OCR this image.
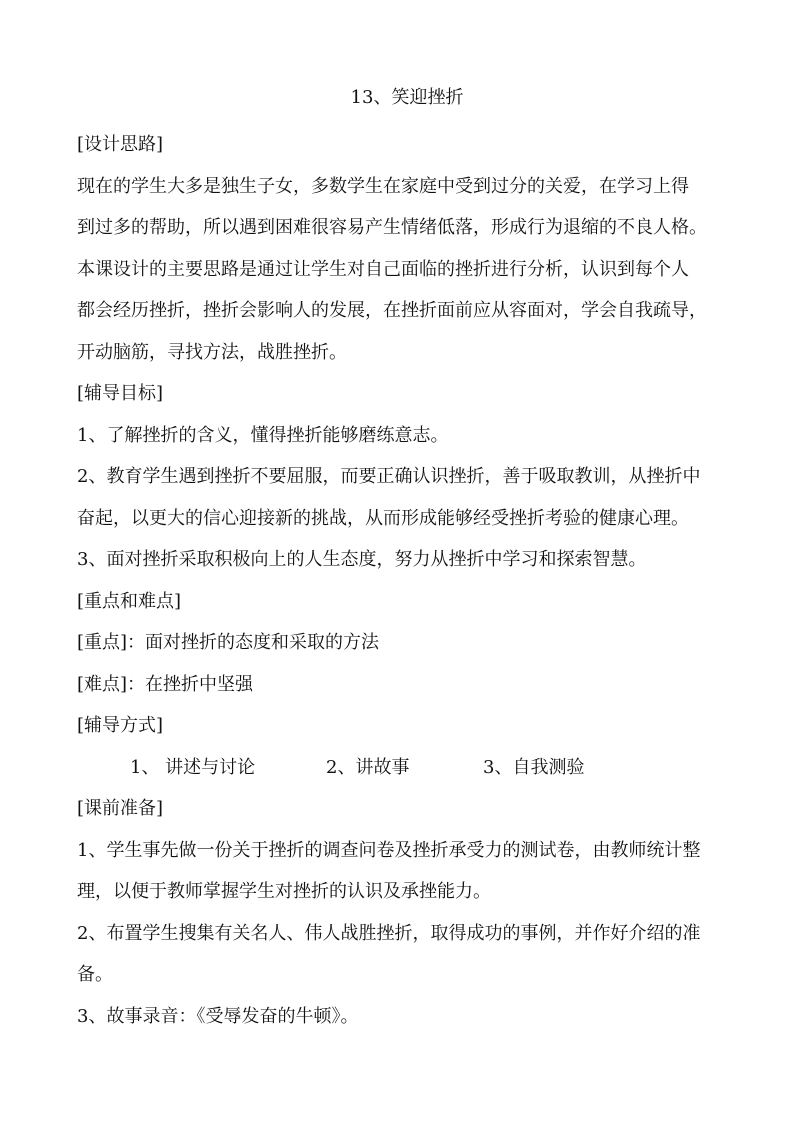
13、笑迎挫折
[设计思路]
现在的学生大多是独生子女，多数学生在家庭中受到过分的关爱，在学习上得
到过多的帮助，所以遇到困难很容易产生情绪低落，形成行为退缩的不良人格。
本课设计的主要思路是通过让学生对自己面临的挫折进行分析，认识到每个人
都会经历挫折，挫折会影响人的发展，在挫折面前应从容面对，学会自我疏导，
开动脑筋，寻找方法，战胜挫折。
[辅导目标]
1、了解挫折的含义，懂得挫折能够磨练意志。
2、教育学生遇到挫折不要屈服，而要正确认识挫折，善于吸取教训，从挫折中
奋起，以更大的信心迎接新的挑战，从而形成能够经受挫折考验的健康心理。
3、面对挫折采取积极向上的人生态度，努力从挫折中学习和探索智慧。
[重点和难点]
[重点]：面对挫折的态度和采取的方法
[难点]：在挫折中坚强
[辅导方式]
1、 讲述与讨论	2、讲故事	3、自我测验
[课前准备]
1、学生事先做一份关于挫折的调查问卷及挫折承受力的测试卷，由教师统计整
理，以便于教师掌握学生对挫折的认识及承挫能力。
2、布置学生搜集有关名人、伟人战胜挫折，取得成功的事例，并作好介绍的准
备。
3、故事录音：《受辱发奋的牛顿》。
